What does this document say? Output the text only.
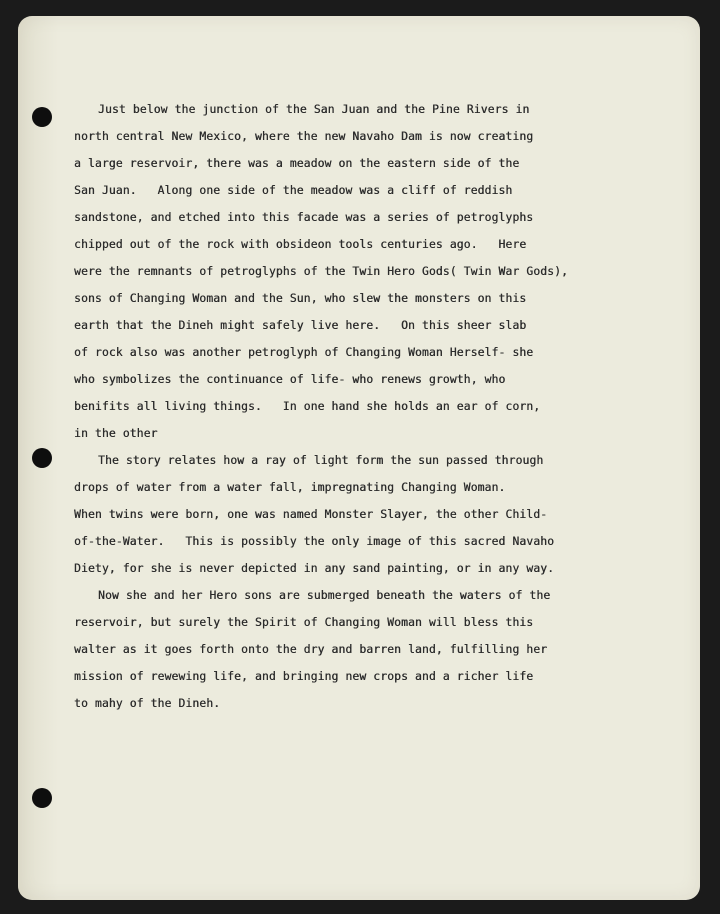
Just below the junction of the San Juan and the Pine Rivers in
north central New Mexico, where the new Navaho Dam is now creating
a large reservoir, there was a meadow on the eastern side of the
San Juan.   Along one side of the meadow was a cliff of reddish
sandstone, and etched into this facade was a series of petroglyphs
chipped out of the rock with obsideon tools centuries ago.   Here
were the remnants of petroglyphs of the Twin Hero Gods( Twin War Gods),
sons of Changing Woman and the Sun, who slew the monsters on this
earth that the Dineh might safely live here.   On this sheer slab
of rock also was another petroglyph of Changing Woman Herself- she
who symbolizes the continuance of life- who renews growth, who
benifits all living things.   In one hand she holds an ear of corn,
in the other
The story relates how a ray of light form the sun passed through
drops of water from a water fall, impregnating Changing Woman.
When twins were born, one was named Monster Slayer, the other Child-
of-the-Water.   This is possibly the only image of this sacred Navaho
Diety, for she is never depicted in any sand painting, or in any way.
Now she and her Hero sons are submerged beneath the waters of the
reservoir, but surely the Spirit of Changing Woman will bless this
walter as it goes forth onto the dry and barren land, fulfilling her
mission of rewewing life, and bringing new crops and a richer life
to mahy of the Dineh.
